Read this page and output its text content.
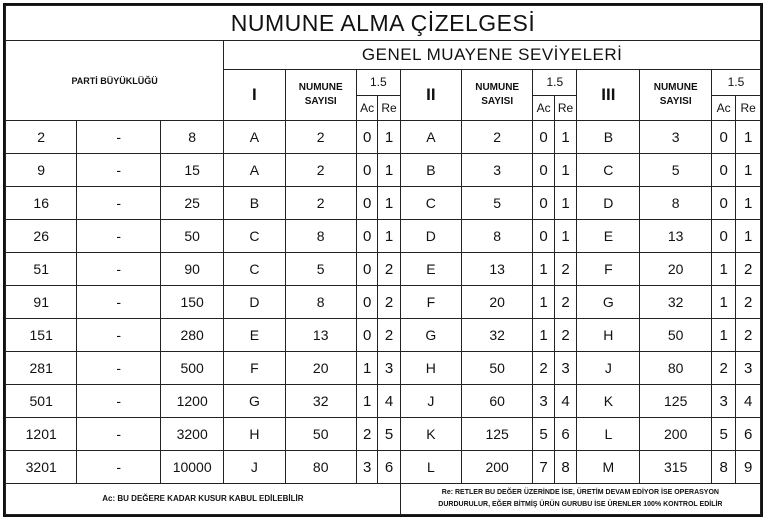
NUMUNE ALMA ÇİZELGESİ														
PARTİ BÜYÜKLÜĞÜ			GENEL MUAYENE SEVİYELERİ											
			I	NUMUNE SAYISI	1.5		II	NUMUNE SAYISI	1.5		III	NUMUNE SAYISI	1.5	
					Ac	Re			Ac	Re			Ac	Re
2	-	8	A	2	0	1	A	2	0	1	B	3	0	1
9	-	15	A	2	0	1	B	3	0	1	C	5	0	1
16	-	25	B	2	0	1	C	5	0	1	D	8	0	1
26	-	50	C	8	0	1	D	8	0	1	E	13	0	1
51	-	90	C	5	0	2	E	13	1	2	F	20	1	2
91	-	150	D	8	0	2	F	20	1	2	G	32	1	2
151	-	280	E	13	0	2	G	32	1	2	H	50	1	2
281	-	500	F	20	1	3	H	50	2	3	J	80	2	3
501	-	1200	G	32	1	4	J	60	3	4	K	125	3	4
1201	-	3200	H	50	2	5	K	125	5	6	L	200	5	6
3201	-	10000	J	80	3	6	L	200	7	8	M	315	8	9
Ac: BU DEĞERE KADAR KUSUR KABUL EDİLEBİLİR							Re: RETLER BU DEĞER ÜZERİNDE İSE, ÜRETİM DEVAM EDİYOR İSE OPERASYON
DURDURULUR, EĞER BİTMİŞ ÜRÜN GURUBU İSE ÜRENLER 100% KONTROL EDİLİR							
